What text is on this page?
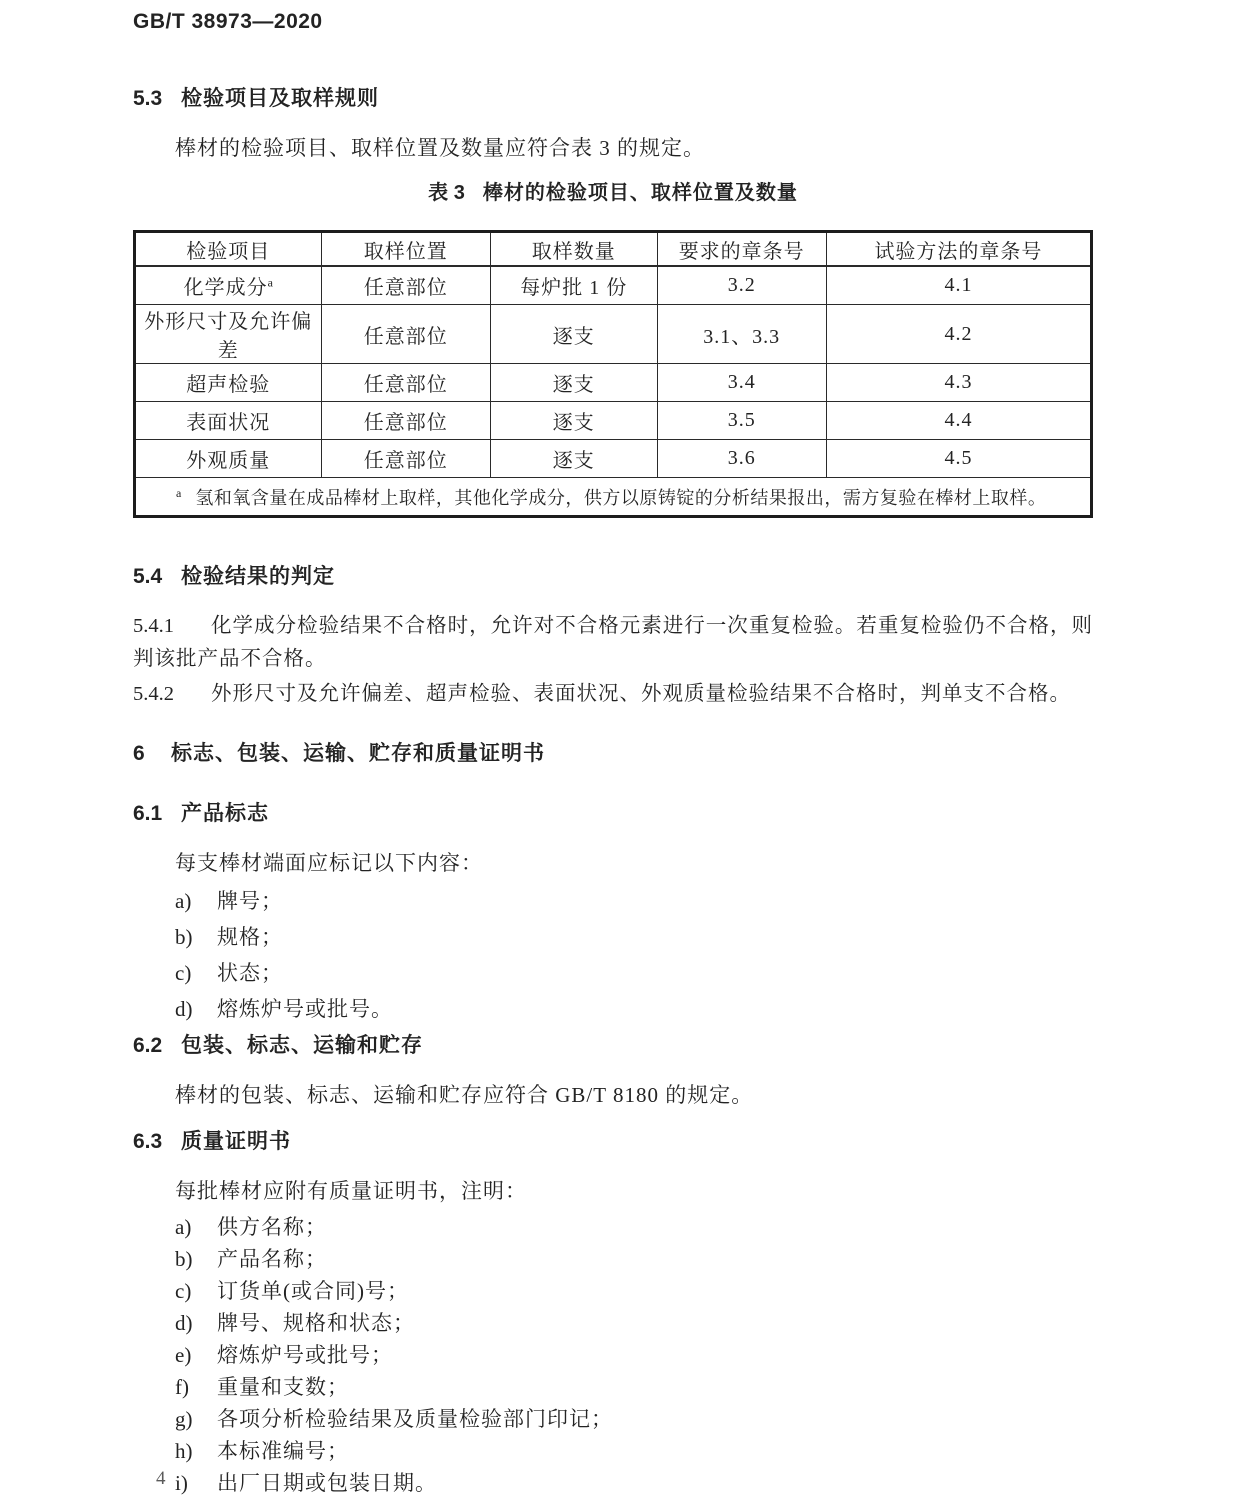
GB/T 38973—2020
5.3 检验项目及取样规则
棒材的检验项目、取样位置及数量应符合表 3 的规定。
表 3 棒材的检验项目、取样位置及数量
检验项目	取样位置	取样数量	要求的章条号	试验方法的章条号
化学成分$^a$	任意部位	每炉批 1 份	3.2	4.1
外形尺寸及允许偏差	任意部位	逐支	3.1、3.3	4.2
超声检验	任意部位	逐支	3.4	4.3
表面状况	任意部位	逐支	3.5	4.4
外观质量	任意部位	逐支	3.6	4.5
$^a$ 氢和氧含量在成品棒材上取样，其他化学成分，供方以原铸锭的分析结果报出，需方复验在棒材上取样。				
5.4 检验结果的判定
5.4.1 化学成分检验结果不合格时，允许对不合格元素进行一次重复检验。若重复检验仍不合格，则判该批产品不合格。
5.4.2 外形尺寸及允许偏差、超声检验、表面状况、外观质量检验结果不合格时，判单支不合格。
6 标志、包装、运输、贮存和质量证明书
6.1 产品标志
每支棒材端面应标记以下内容：
a) 牌号；
b) 规格；
c) 状态；
d) 熔炼炉号或批号。
6.2 包装、标志、运输和贮存
棒材的包装、标志、运输和贮存应符合 GB/T 8180 的规定。
6.3 质量证明书
每批棒材应附有质量证明书，注明：
a) 供方名称；
b) 产品名称；
c) 订货单(或合同)号；
d) 牌号、规格和状态；
e) 熔炼炉号或批号；
f) 重量和支数；
g) 各项分析检验结果及质量检验部门印记；
h) 本标准编号；
i) 出厂日期或包装日期。
4
